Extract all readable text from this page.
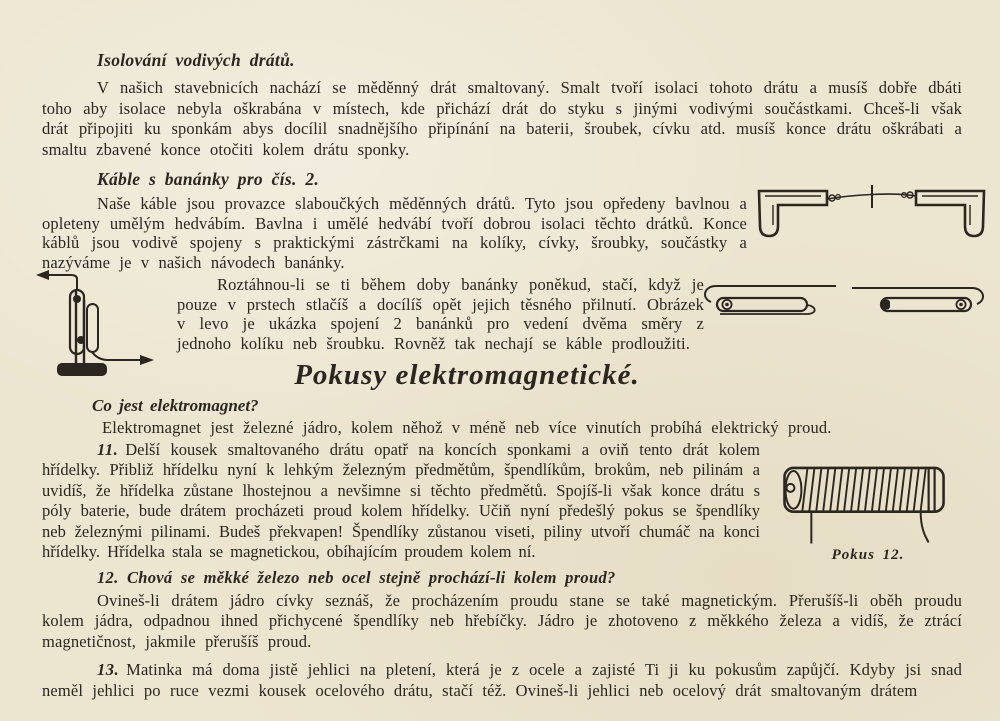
Isolování vodivých drátů.

V našich stavebnicích nachází se měděnný drát smaltovaný. Smalt tvoří isolaci tohoto drátu a musíš dobře dbáti toho aby isolace nebyla oškrabána v místech, kde přichází drát do styku s jinými vodivými součástkami. Chceš-li však drát připojiti ku sponkám abys docílil snadnějšího připínání na baterii, šroubek, cívku atd. musíš konce drátu oškrábati a smaltu zbavené konce otočiti kolem drátu sponky.

Káble s banánky pro čís. 2.

Naše káble jsou provazce slaboučkých měděnných drátů. Tyto jsou opředeny bavlnou a opleteny umělým hedvábím. Bavlna i umělé hedvábí tvoří dobrou isolaci těchto drátků. Konce káblů jsou vodivě spojeny s praktickými zástrčkami na kolíky, cívky, šroubky, součástky a nazýváme je v našich návodech banánky.

Roztáhnou-li se ti během doby banánky poněkud, stačí, když je pouze v prstech stlačíš a docílíš opět jejich těsného přilnutí. Obrázek v levo je ukázka spojení 2 banánků pro vedení dvěma směry z jednoho kolíku neb šroubku. Rovněž tak nechají se káble prodloužiti.

Pokusy elektromagnetické.
Co jest elektromagnet?

Elektromagnet jest železné jádro, kolem něhož v méně neb více vinutích probíhá elektrický proud.

Pokus 12.
11. Delší kousek smaltovaného drátu opatř na koncích sponkami a oviň tento drát kolem hřídelky. Přibliž hřídelku nyní k lehkým železným předmětům, špendlíkům, brokům, neb pilinám a uvidíš, že hřídelka zůstane lhostejnou a nevšimne si těchto předmětů. Spojíš-li však konce drátu s póly baterie, bude drátem procházeti proud kolem hřídelky. Učiň nyní předešlý pokus se špendlíky neb železnými pilinami. Budeš překvapen! Špendlíky zůstanou viseti, piliny utvoří chumáč na konci hřídelky. Hřídelka stala se magnetickou, obíhajícím proudem kolem ní.

12. Chová se měkké železo neb ocel stejně prochází-li kolem proud?

Ovineš-li drátem jádro cívky seznáš, že procházením proudu stane se také magnetickým. Přerušíš-li oběh proudu kolem jádra, odpadnou ihned přichycené špendlíky neb hřebíčky. Jádro je zhotoveno z měkkého železa a vidíš, že ztrácí magnetičnost, jakmile přerušíš proud.

13. Matinka má doma jistě jehlici na pletení, která je z ocele a zajisté Ti ji ku pokusům zapůjčí. Kdyby jsi snad neměl jehlici po ruce vezmi kousek ocelového drátu, stačí též. Ovineš-li jehlici neb ocelový drát smaltovaným drátem
